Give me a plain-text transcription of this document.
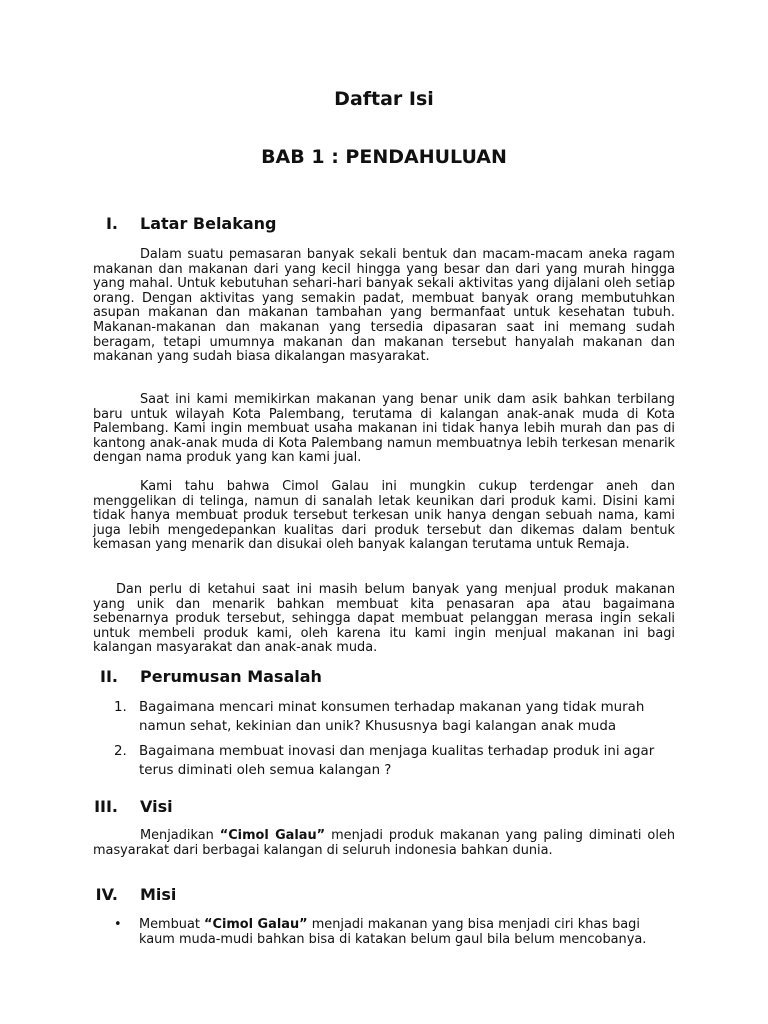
Daftar Isi
BAB 1 : PENDAHULUAN
I. Latar Belakang

Dalam suatu pemasaran banyak sekali bentuk dan macam-macam aneka ragam makanan dan makanan dari yang kecil hingga yang besar dan dari yang murah hingga yang mahal. Untuk kebutuhan sehari-hari banyak sekali aktivitas yang dijalani oleh setiap orang. Dengan aktivitas yang semakin padat, membuat banyak orang membutuhkan asupan makanan dan makanan tambahan yang bermanfaat untuk kesehatan tubuh. Makanan-makanan dan makanan yang tersedia dipasaran saat ini memang sudah beragam, tetapi umumnya makanan dan makanan tersebut hanyalah makanan dan makanan yang sudah biasa dikalangan masyarakat.

Saat ini kami memikirkan makanan yang benar unik dam asik bahkan terbilang baru untuk wilayah Kota Palembang, terutama di kalangan anak-anak muda di Kota Palembang. Kami ingin membuat usaha makanan ini tidak hanya lebih murah dan pas di kantong anak-anak muda di Kota Palembang namun membuatnya lebih terkesan menarik dengan nama produk yang kan kami jual.

Kami tahu bahwa Cimol Galau ini mungkin cukup terdengar aneh dan menggelikan di telinga, namun di sanalah letak keunikan dari produk kami. Disini kami tidak hanya membuat produk tersebut terkesan unik hanya dengan sebuah nama, kami juga lebih mengedepankan kualitas dari produk tersebut dan dikemas dalam bentuk kemasan yang menarik dan disukai oleh banyak kalangan terutama untuk Remaja.

Dan perlu di ketahui saat ini masih belum banyak yang menjual produk makanan yang unik dan menarik bahkan membuat kita penasaran apa atau bagaimana sebenarnya produk tersebut, sehingga dapat membuat pelanggan merasa ingin sekali untuk membeli produk kami, oleh karena itu kami ingin menjual makanan ini bagi kalangan masyarakat dan anak-anak muda.

II. Perumusan Masalah
1. Bagaimana mencari minat konsumen terhadap makanan yang tidak murah namun sehat, kekinian dan unik? Khususnya bagi kalangan anak muda
2. Bagaimana membuat inovasi dan menjaga kualitas terhadap produk ini agar terus diminati oleh semua kalangan ?
III. Visi

Menjadikan “Cimol Galau” menjadi produk makanan yang paling diminati oleh masyarakat dari berbagai kalangan di seluruh indonesia bahkan dunia.

IV. Misi
•	Membuat “Cimol Galau” menjadi makanan yang bisa menjadi ciri khas bagi kaum muda-mudi bahkan bisa di katakan belum gaul bila belum mencobanya.
